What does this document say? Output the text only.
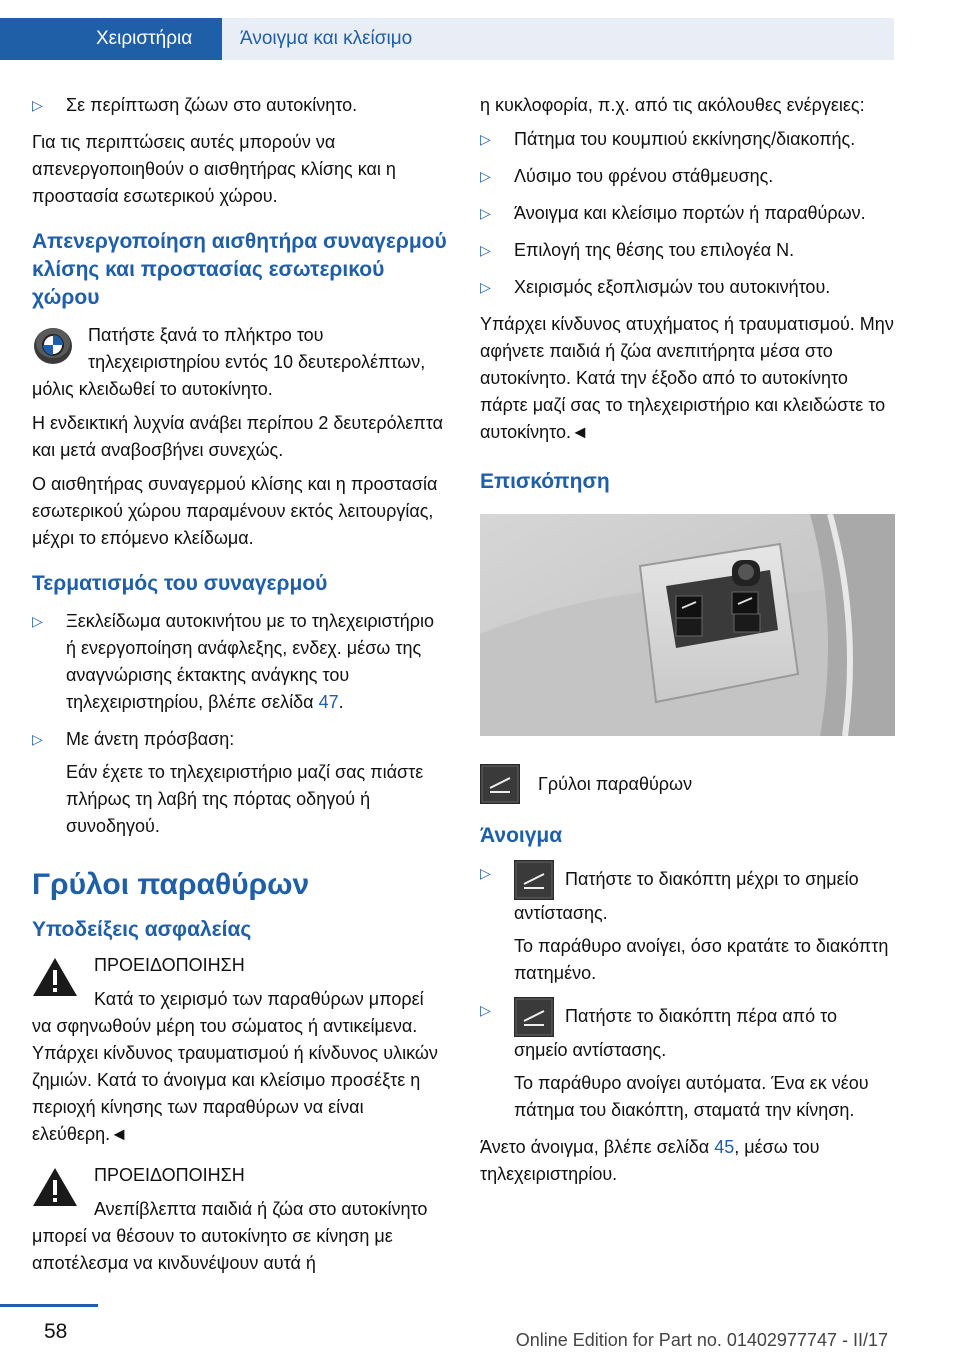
Χειριστήρια	Άνοιγμα και κλείσιμο
▷ Σε περίπτωση ζώων στο αυτοκίνητο.

Για τις περιπτώσεις αυτές μπορούν να απενεργοποιηθούν ο αισθητήρας κλίσης και η προστασία εσωτερικού χώρου.

Απενεργοποίηση αισθητήρα συναγερμού κλίσης και προστασίας εσωτερικού χώρου

Πατήστε ξανά το πλήκτρο του τηλεχειριστηρίου εντός 10 δευτερολέπτων, μόλις κλειδωθεί το αυτοκίνητο.

Η ενδεικτική λυχνία ανάβει περίπου 2 δευτερόλεπτα και μετά αναβοσβήνει συνεχώς.

Ο αισθητήρας συναγερμού κλίσης και η προστασία εσωτερικού χώρου παραμένουν εκτός λειτουργίας, μέχρι το επόμενο κλείδωμα.

Τερματισμός του συναγερμού
▷ Ξεκλείδωμα αυτοκινήτου με το τηλεχειριστήριο ή ενεργοποίηση ανάφλεξης, ενδεχ. μέσω της αναγνώρισης έκτακτης ανάγκης του τηλεχειριστηρίου, βλέπε σελίδα 47.

▷ Με άνετη πρόσβαση:

Εάν έχετε το τηλεχειριστήριο μαζί σας πιάστε πλήρως τη λαβή της πόρτας οδηγού ή συνοδηγού.

Γρύλοι παραθύρων
Υποδείξεις ασφαλείας

ΠΡΟΕΙΔΟΠΟΙΗΣΗ

Κατά το χειρισμό των παραθύρων μπορεί να σφηνωθούν μέρη του σώματος ή αντικείμενα. Υπάρχει κίνδυνος τραυματισμού ή κίνδυνος υλικών ζημιών. Κατά το άνοιγμα και κλείσιμο προσέξτε η περιοχή κίνησης των παραθύρων να είναι ελεύθερη.◄

ΠΡΟΕΙΔΟΠΟΙΗΣΗ

Ανεπίβλεπτα παιδιά ή ζώα στο αυτοκίνητο μπορεί να θέσουν το αυτοκίνητο σε κίνηση με αποτέλεσμα να κινδυνέψουν αυτά ή

η κυκλοφορία, π.χ. από τις ακόλουθες ενέργειες:

▷ Πάτημα του κουμπιού εκκίνησης/διακοπής.

▷ Λύσιμο του φρένου στάθμευσης.

▷ Άνοιγμα και κλείσιμο πορτών ή παραθύρων.

▷ Επιλογή της θέσης του επιλογέα N.

▷ Χειρισμός εξοπλισμών του αυτοκινήτου.

Υπάρχει κίνδυνος ατυχήματος ή τραυματισμού. Μην αφήνετε παιδιά ή ζώα ανεπιτήρητα μέσα στο αυτοκίνητο. Κατά την έξοδο από το αυτοκίνητο πάρτε μαζί σας το τηλεχειριστήριο και κλειδώστε το αυτοκίνητο.◄

Επισκόπηση
Γρύλοι παραθύρων
Άνοιγμα
▷	Πατήστε το διακόπτη μέχρι το σημείο αντίστασης.

Το παράθυρο ανοίγει, όσο κρατάτε το διακόπτη πατημένο.

▷	Πατήστε το διακόπτη πέρα από το σημείο αντίστασης.

Το παράθυρο ανοίγει αυτόματα. Ένα εκ νέου πάτημα του διακόπτη, σταματά την κίνηση.

Άνετο άνοιγμα, βλέπε σελίδα 45, μέσω του τηλεχειριστηρίου.

58	Online Edition for Part no. 01402977747 - II/17
